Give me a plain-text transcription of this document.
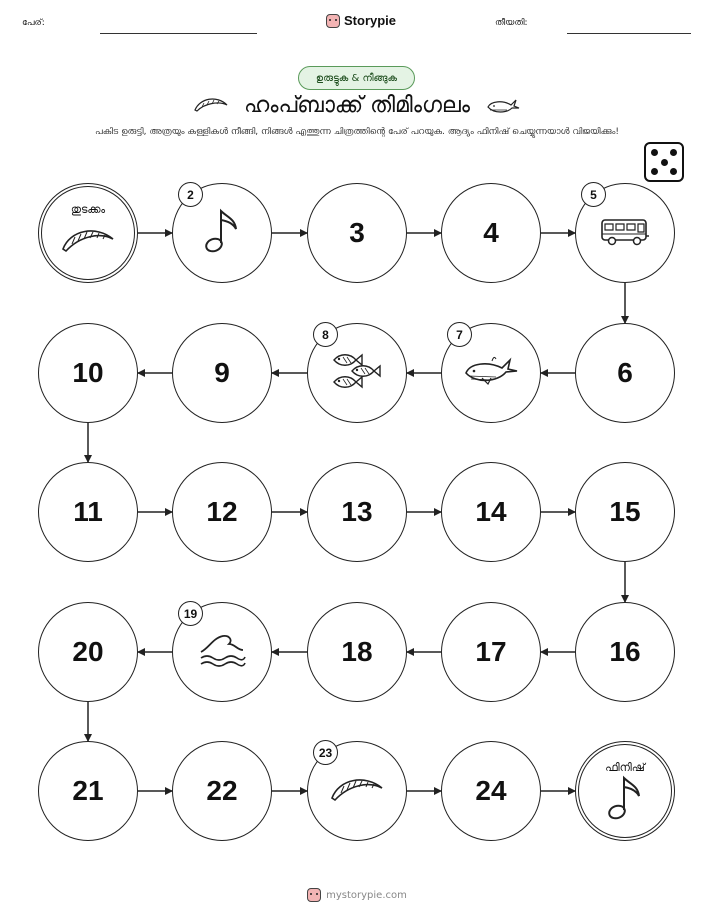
പേര്:	Storypie	തീയതി:
ഉരുട്ടുക & നീങ്ങുക
ഹംപ്ബാക്ക് തിമിംഗലം
പകിട ഉരുട്ടി, അത്രയും കള്ളികൾ നീങ്ങി, നിങ്ങൾ എത്തുന്ന ചിത്രത്തിന്റെ പേര് പറയുക. ആദ്യം ഫിനിഷ് ചെയ്യുന്നയാൾ വിജയിക്കും!
തുടക്കം
2
3	4
5
6
7
8
9
10
11	12	13	14	15
16
17
18
19
20
21	22
23
24
ഫിനിഷ്
mystorypie.com
